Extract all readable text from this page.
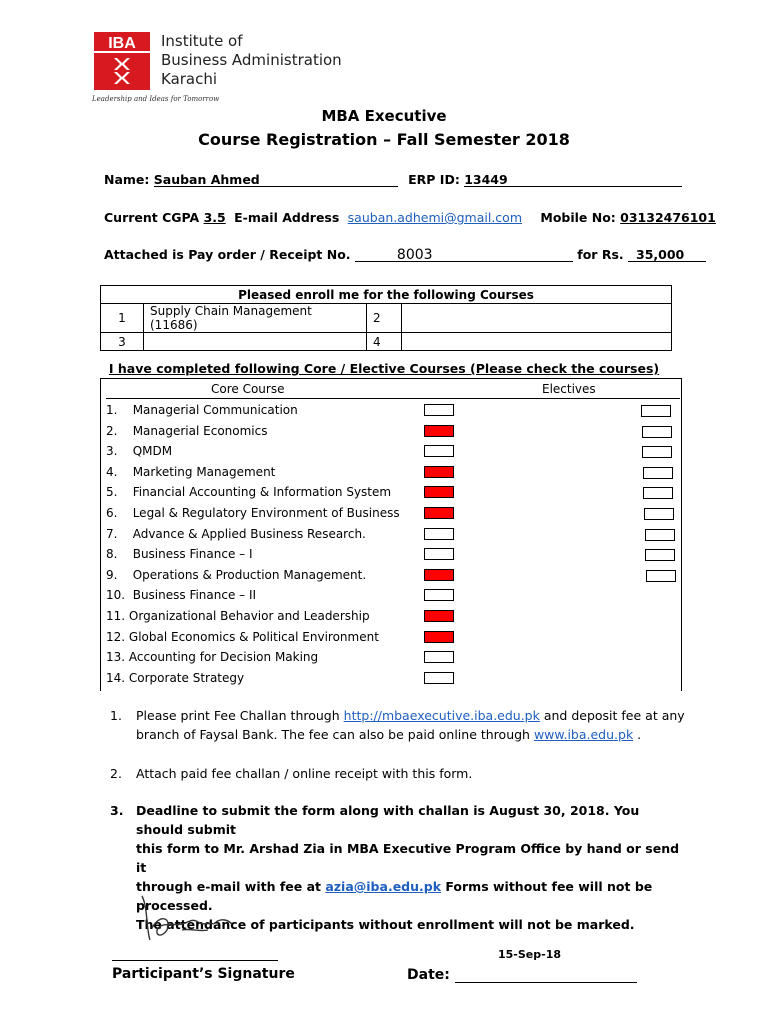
IBA Institute of
Business Administration
Karachi
Leadership and Ideas for Tomorrow
MBA Executive
Course Registration – Fall Semester 2018
Name: Sauban Ahmed	ERP ID: 13449
Current CGPA 3.5 E-mail Address sauban.adhemi@gmail.com Mobile No: 03132476101
Attached is Pay order / Receipt No.	8003	for Rs. 35,000
Pleased enroll me for the following Courses			
1	Supply Chain Management (11686)	2	
3		4	
I have completed following Core / Elective Courses (Please check the courses)
Core Course	Electives
1.    Managerial Communication
2.    Managerial Economics
3.    QMDM
4.    Marketing Management
5.    Financial Accounting & Information System
6.    Legal & Regulatory Environment of Business
7.    Advance & Applied Business Research.
8.    Business Finance – I
9.    Operations & Production Management.
10.  Business Finance – II
11. Organizational Behavior and Leadership
12. Global Economics & Political Environment
13. Accounting for Decision Making
14. Corporate Strategy
1. Please print Fee Challan through http://mbaexecutive.iba.edu.pk and deposit fee at any
branch of Faysal Bank. The fee can also be paid online through www.iba.edu.pk .
2. Attach paid fee challan / online receipt with this form.
3. Deadline to submit the form along with challan is August 30, 2018. You should submit
this form to Mr. Arshad Zia in MBA Executive Program Office by hand or send it
through e-mail with fee at azia@iba.edu.pk Forms without fee will not be processed.
The attendance of participants without enrollment will not be marked.
Participant’s Signature
15-Sep-18
Date:
